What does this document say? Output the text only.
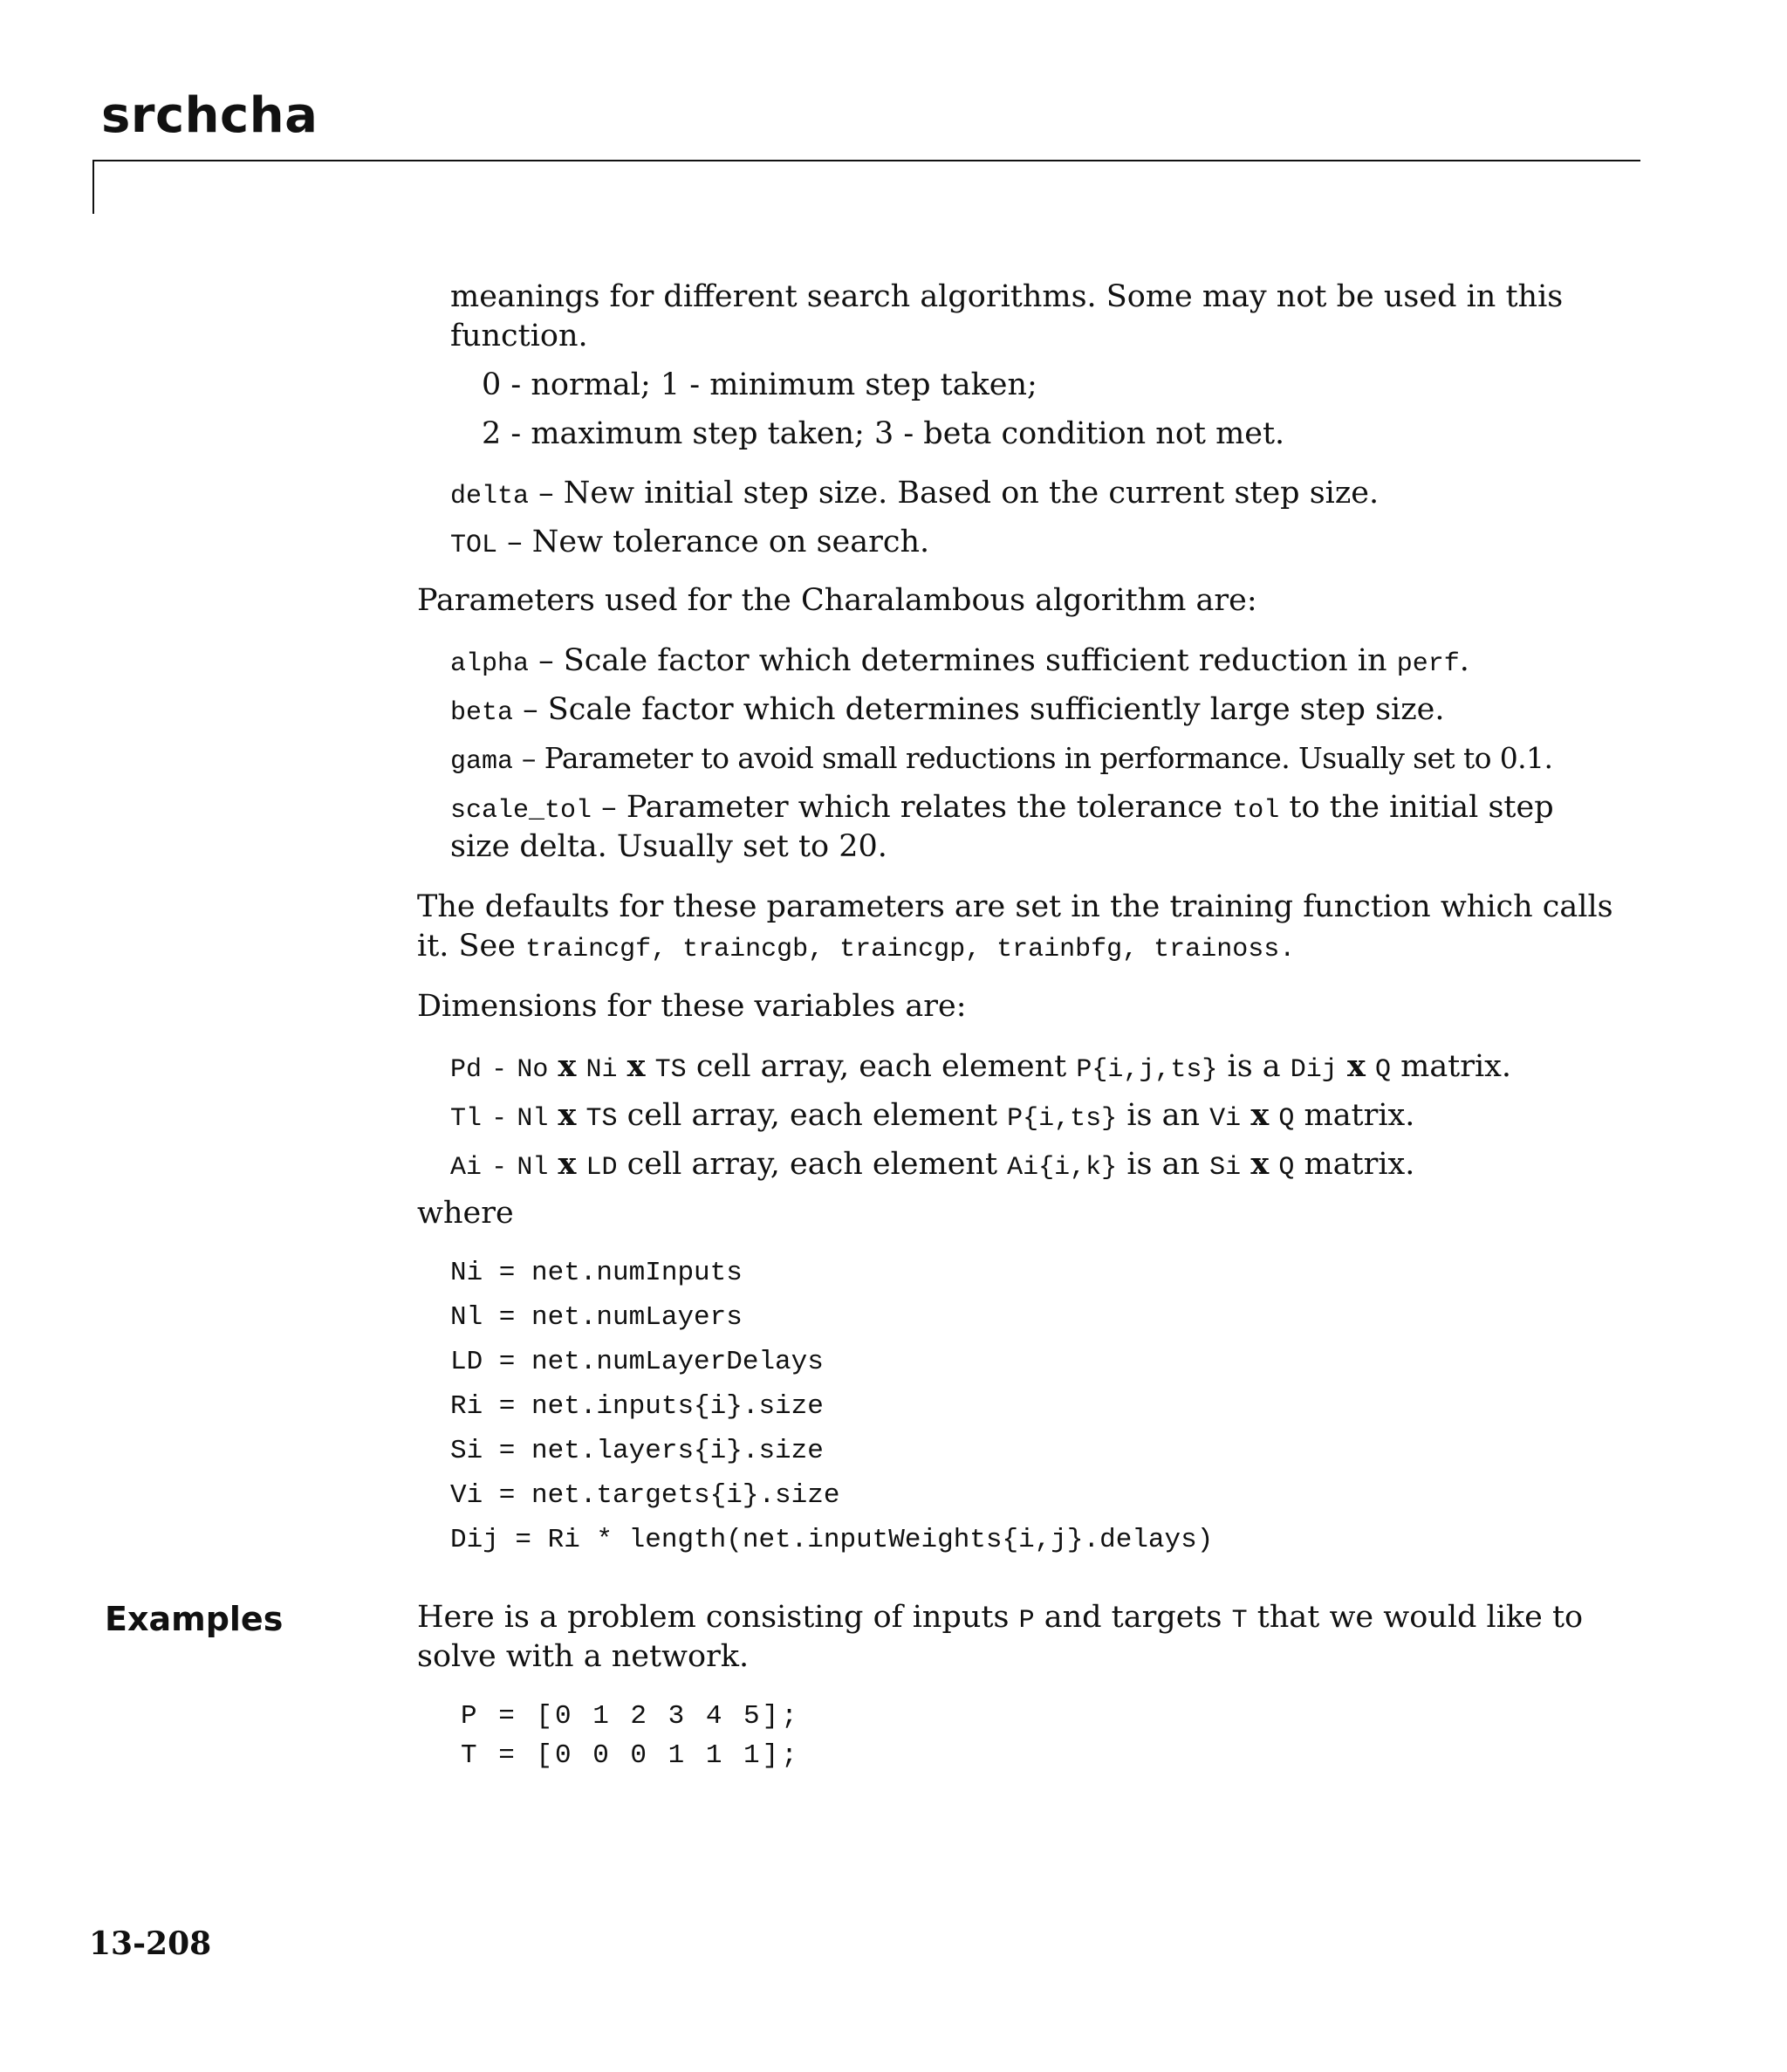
srchcha
meanings for different search algorithms. Some may not be used in this
function.
0 - normal; 1 - minimum step taken;
2 - maximum step taken; 3 - beta condition not met.
delta – New initial step size. Based on the current step size.
TOL – New tolerance on search.
Parameters used for the Charalambous algorithm are:
alpha – Scale factor which determines sufficient reduction in perf.
beta – Scale factor which determines sufficiently large step size.
gama – Parameter to avoid small reductions in performance. Usually set to 0.1.
scale_tol – Parameter which relates the tolerance tol to the initial step
size delta. Usually set to 20.
The defaults for these parameters are set in the training function which calls
it. See traincgf, traincgb, traincgp, trainbfg, trainoss.
Dimensions for these variables are:
Pd - No x Ni x TS cell array, each element P{i,j,ts} is a Dij x Q matrix.
Tl - Nl x TS cell array, each element P{i,ts} is an Vi x Q matrix.
Ai - Nl x LD cell array, each element Ai{i,k} is an Si x Q matrix.
where
Ni = net.numInputs
Nl = net.numLayers
LD = net.numLayerDelays
Ri = net.inputs{i}.size
Si = net.layers{i}.size
Vi = net.targets{i}.size
Dij = Ri * length(net.inputWeights{i,j}.delays)
Examples	Here is a problem consisting of inputs P and targets T that we would like to
solve with a network.
P = [0 1 2 3 4 5];
T = [0 0 0 1 1 1];
13-208
